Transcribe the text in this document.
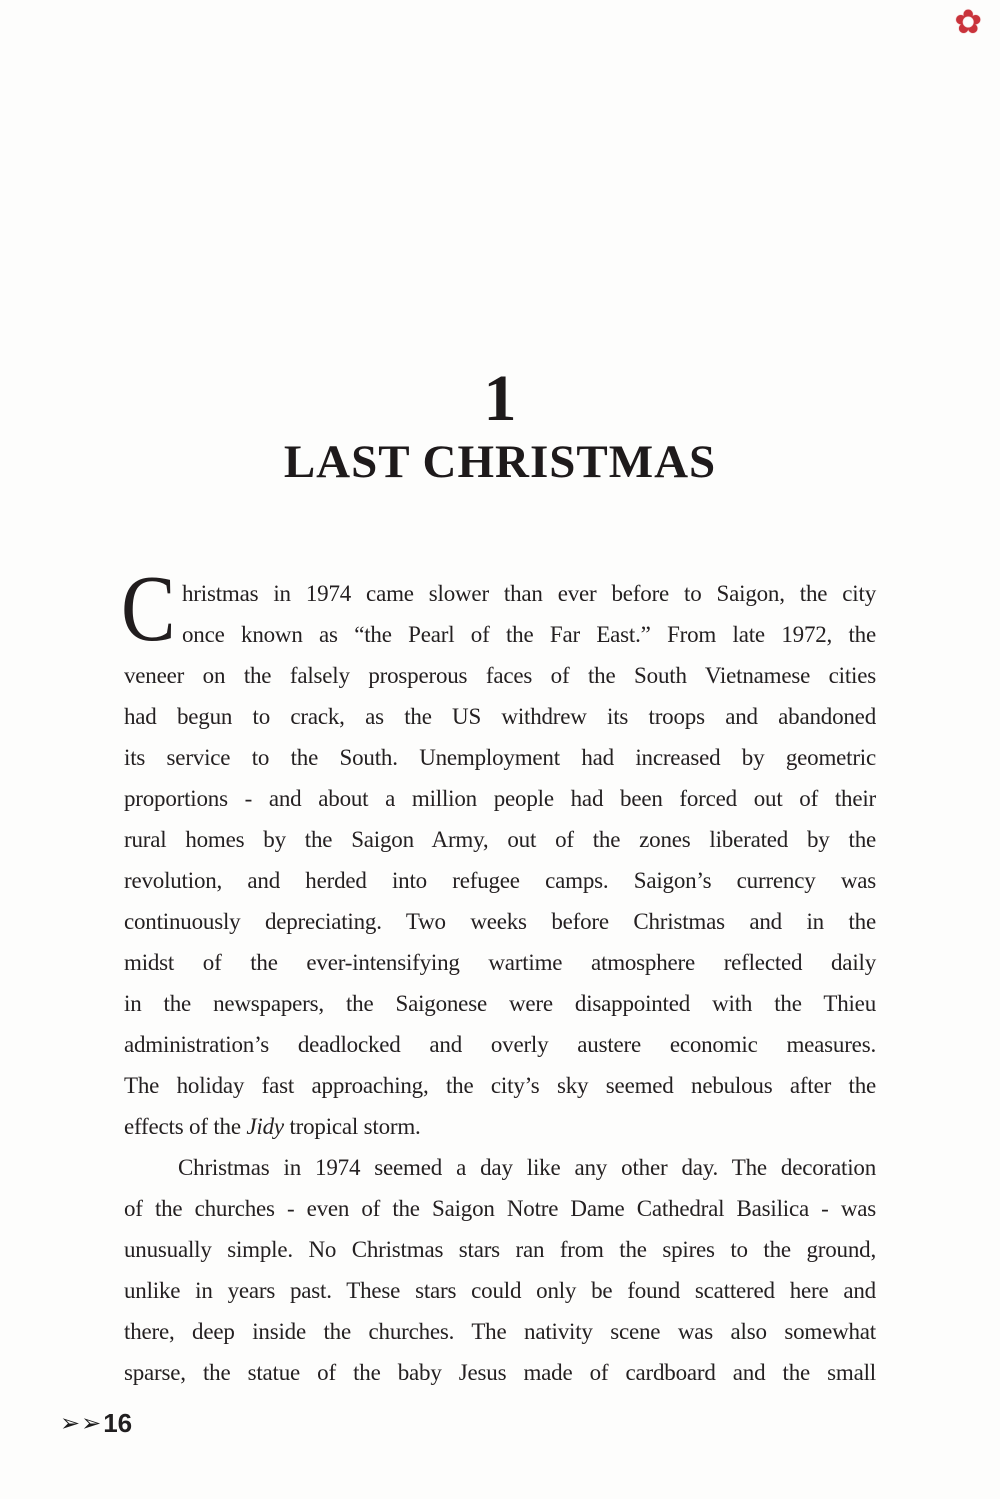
✿
1
LAST CHRISTMAS
C hristmas in 1974 came slower than ever before to Saigon, the city
once known as “the Pearl of the Far East.” From late 1972, the
veneer on the falsely prosperous faces of the South Vietnamese cities
had begun to crack, as the US withdrew its troops and abandoned
its service to the South. Unemployment had increased by geometric
proportions - and about a million people had been forced out of their
rural homes by the Saigon Army, out of the zones liberated by the
revolution, and herded into refugee camps. Saigon’s currency was
continuously depreciating. Two weeks before Christmas and in the
midst of the ever-intensifying wartime atmosphere reflected daily
in the newspapers, the Saigonese were disappointed with the Thieu
administration’s deadlocked and overly austere economic measures.
The holiday fast approaching, the city’s sky seemed nebulous after the
effects of the Jidy tropical storm.
Christmas in 1974 seemed a day like any other day. The decoration
of the churches - even of the Saigon Notre Dame Cathedral Basilica - was
unusually simple. No Christmas stars ran from the spires to the ground,
unlike in years past. These stars could only be found scattered here and
there, deep inside the churches. The nativity scene was also somewhat
sparse, the statue of the baby Jesus made of cardboard and the small
➢➢ 16
